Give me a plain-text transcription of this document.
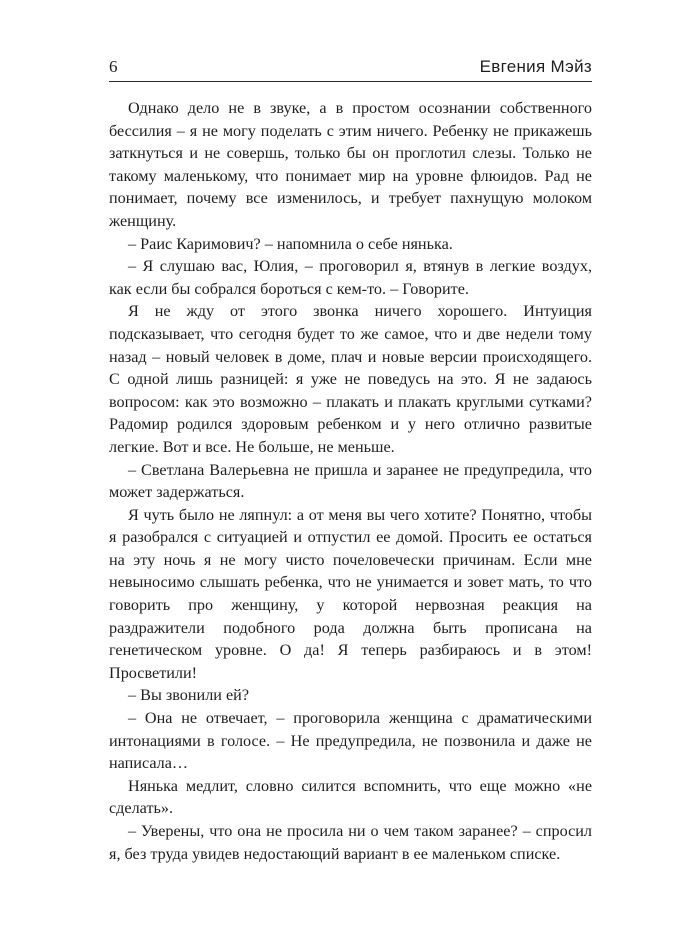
6	Евгения Мэйз

Однако дело не в звуке, а в простом осознании собственного бессилия – я не могу поделать с этим ничего. Ребенку не прикажешь заткнуться и не совершь, только бы он проглотил слезы. Только не такому маленькому, что понимает мир на уровне флюидов. Рад не понимает, почему все изменилось, и требует пахнущую молоком женщину.

– Раис Каримович? – напомнила о себе нянька.

– Я слушаю вас, Юлия, – проговорил я, втянув в легкие воздух, как если бы собрался бороться с кем-то. – Говорите.

Я не жду от этого звонка ничего хорошего. Интуиция подсказывает, что сегодня будет то же самое, что и две недели тому назад – новый человек в доме, плач и новые версии происходящего. С одной лишь разницей: я уже не поведусь на это. Я не задаюсь вопросом: как это возможно – плакать и плакать круглыми сутками? Радомир родился здоровым ребенком и у него отлично развитые легкие. Вот и все. Не больше, не меньше.

– Светлана Валерьевна не пришла и заранее не предупредила, что может задержаться.

Я чуть было не ляпнул: а от меня вы чего хотите? Понятно, чтобы я разобрался с ситуацией и отпустил ее домой. Просить ее остаться на эту ночь я не могу чисто почеловечески причинам. Если мне невыносимо слышать ребенка, что не унимается и зовет мать, то что говорить про женщину, у которой нервозная реакция на раздражители подобного рода должна быть прописана на генетическом уровне. О да! Я теперь разбираюсь и в этом! Просветили!

– Вы звонили ей?

– Она не отвечает, – проговорила женщина с драматическими интонациями в голосе. – Не предупредила, не позвонила и даже не написала…

Нянька медлит, словно силится вспомнить, что еще можно «не сделать».

– Уверены, что она не просила ни о чем таком заранее? – спросил я, без труда увидев недостающий вариант в ее маленьком списке.
